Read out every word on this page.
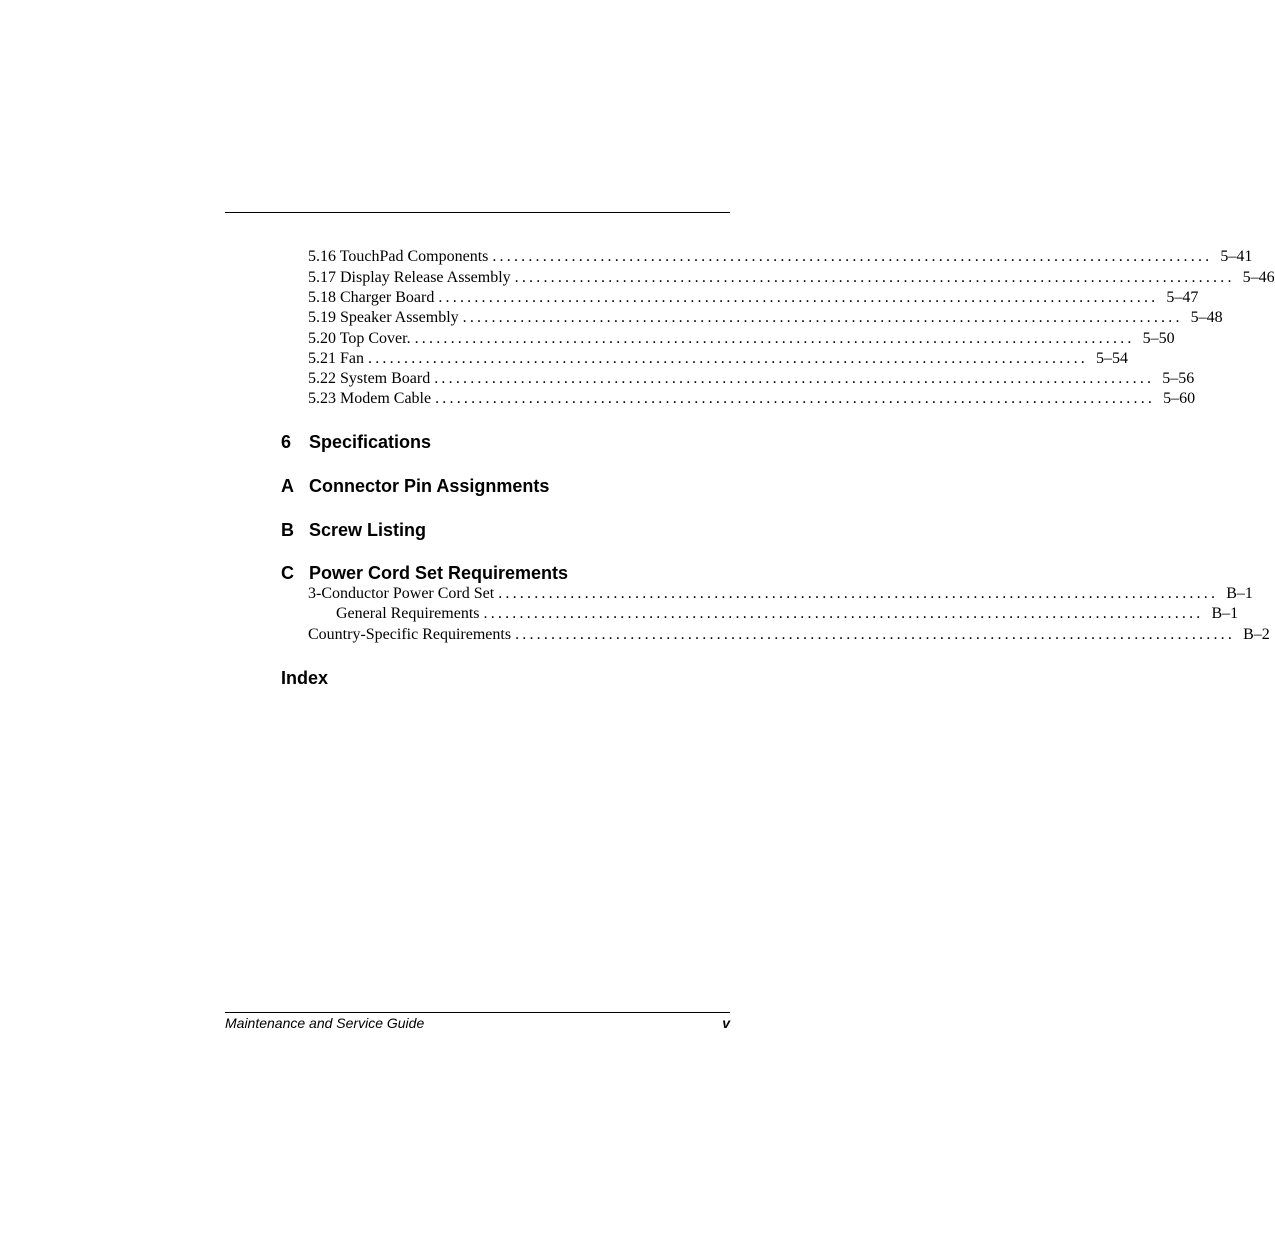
5.16 TouchPad Components .................................................................................................... 5–41
5.17 Display Release Assembly .................................................................................................... 5–46
5.18 Charger Board .................................................................................................... 5–47
5.19 Speaker Assembly .................................................................................................... 5–48
5.20 Top Cover. .................................................................................................... 5–50
5.21 Fan .................................................................................................... 5–54
5.22 System Board .................................................................................................... 5–56
5.23 Modem Cable .................................................................................................... 5–60
6 Specifications
A Connector Pin Assignments
B Screw Listing
C Power Cord Set Requirements
3-Conductor Power Cord Set .................................................................................................... B–1
General Requirements .................................................................................................... B–1
Country-Specific Requirements .................................................................................................... B–2
Index
Maintenance and Service Guide	v
